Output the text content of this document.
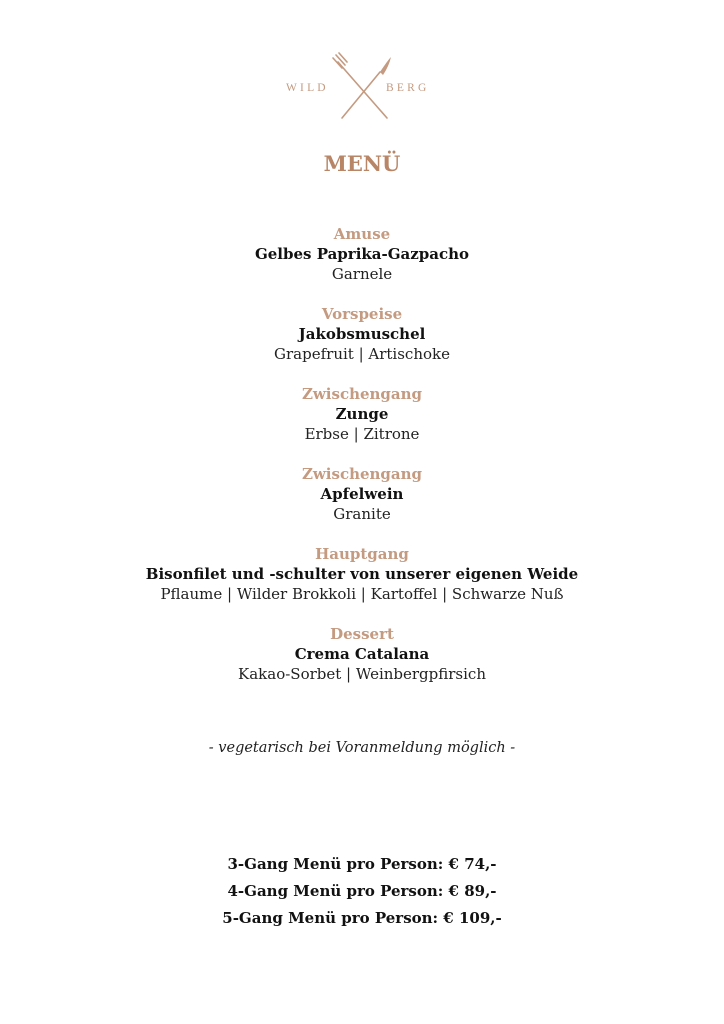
WILD	BERG
MENÜ
Amuse
Gelbes Paprika-Gazpacho
Garnele
Vorspeise
Jakobsmuschel
Grapefruit | Artischoke
Zwischengang
Zunge
Erbse | Zitrone
Zwischengang
Apfelwein
Granite
Hauptgang
Bisonfilet und -schulter von unserer eigenen Weide
Pflaume | Wilder Brokkoli | Kartoffel | Schwarze Nuß
Dessert
Crema Catalana
Kakao-Sorbet | Weinbergpfirsich
- vegetarisch bei Voranmeldung möglich -
3-Gang Menü pro Person: € 74,-
4-Gang Menü pro Person: € 89,-
5-Gang Menü pro Person: € 109,-
